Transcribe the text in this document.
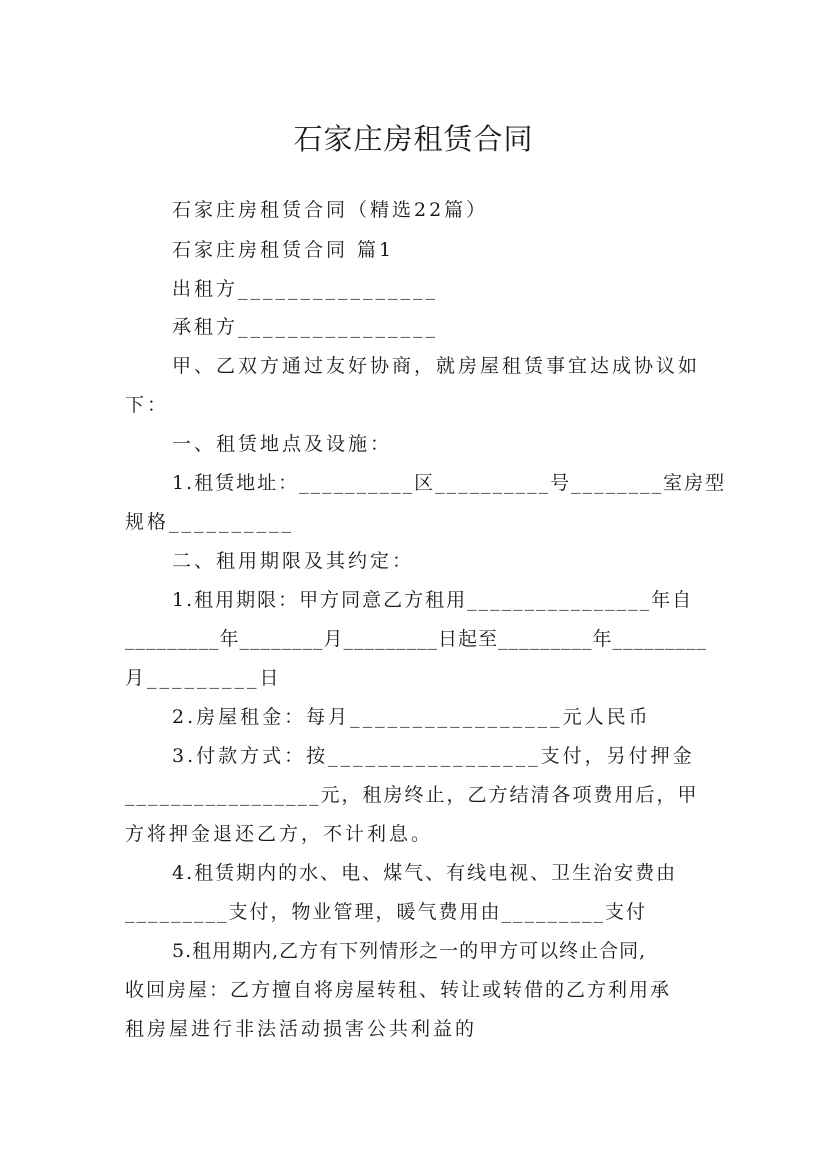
石家庄房租赁合同
石家庄房租赁合同（精选22篇）
石家庄房租赁合同 篇1
出租方________________
承租方________________
甲、乙双方通过友好协商，就房屋租赁事宜达成协议如
下：
一、租赁地点及设施：
1.租赁地址：__________区__________号________室房型
规格__________
二、租用期限及其约定：
1.租用期限：甲方同意乙方租用________________年自
_________年________月_________日起至_________年_________
月_________日
2.房屋租金：每月_________________元人民币
3.付款方式：按_________________支付，另付押金
_________________元，租房终止，乙方结清各项费用后，甲
方将押金退还乙方，不计利息。
4.租赁期内的水、电、煤气、有线电视、卫生治安费由
_________支付，物业管理，暖气费用由_________支付
5.租用期内,乙方有下列情形之一的甲方可以终止合同,
收回房屋：乙方擅自将房屋转租、转让或转借的乙方利用承
租房屋进行非法活动损害公共利益的
